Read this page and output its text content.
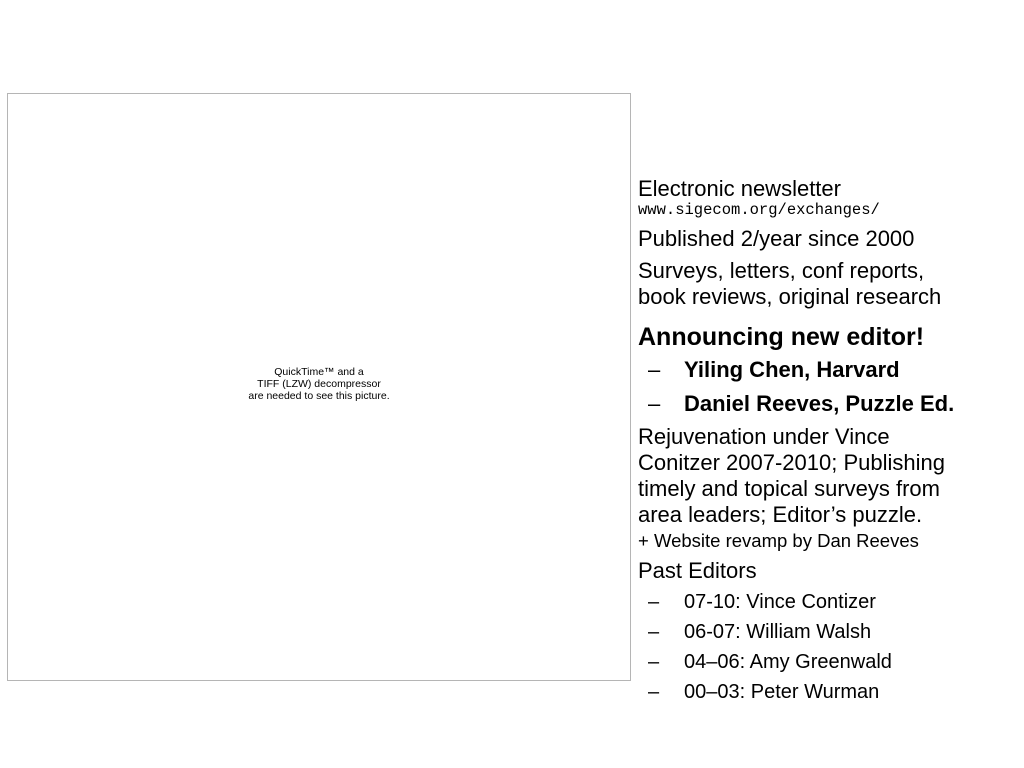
QuickTime™ and a
TIFF (LZW) decompressor
are needed to see this picture.
Electronic newsletter
www.sigecom.org/exchanges/
Published 2/year since 2000
Surveys, letters, conf reports,
book reviews, original research
Announcing new editor!
–	Yiling Chen, Harvard
–	Daniel Reeves, Puzzle Ed.
Rejuvenation under Vince
Conitzer 2007-2010; Publishing
timely and topical surveys from
area leaders; Editor’s puzzle.
+ Website revamp by Dan Reeves
Past Editors
–	07-10: Vince Contizer
–	06-07: William Walsh
–	04–06: Amy Greenwald
–	00–03: Peter Wurman
